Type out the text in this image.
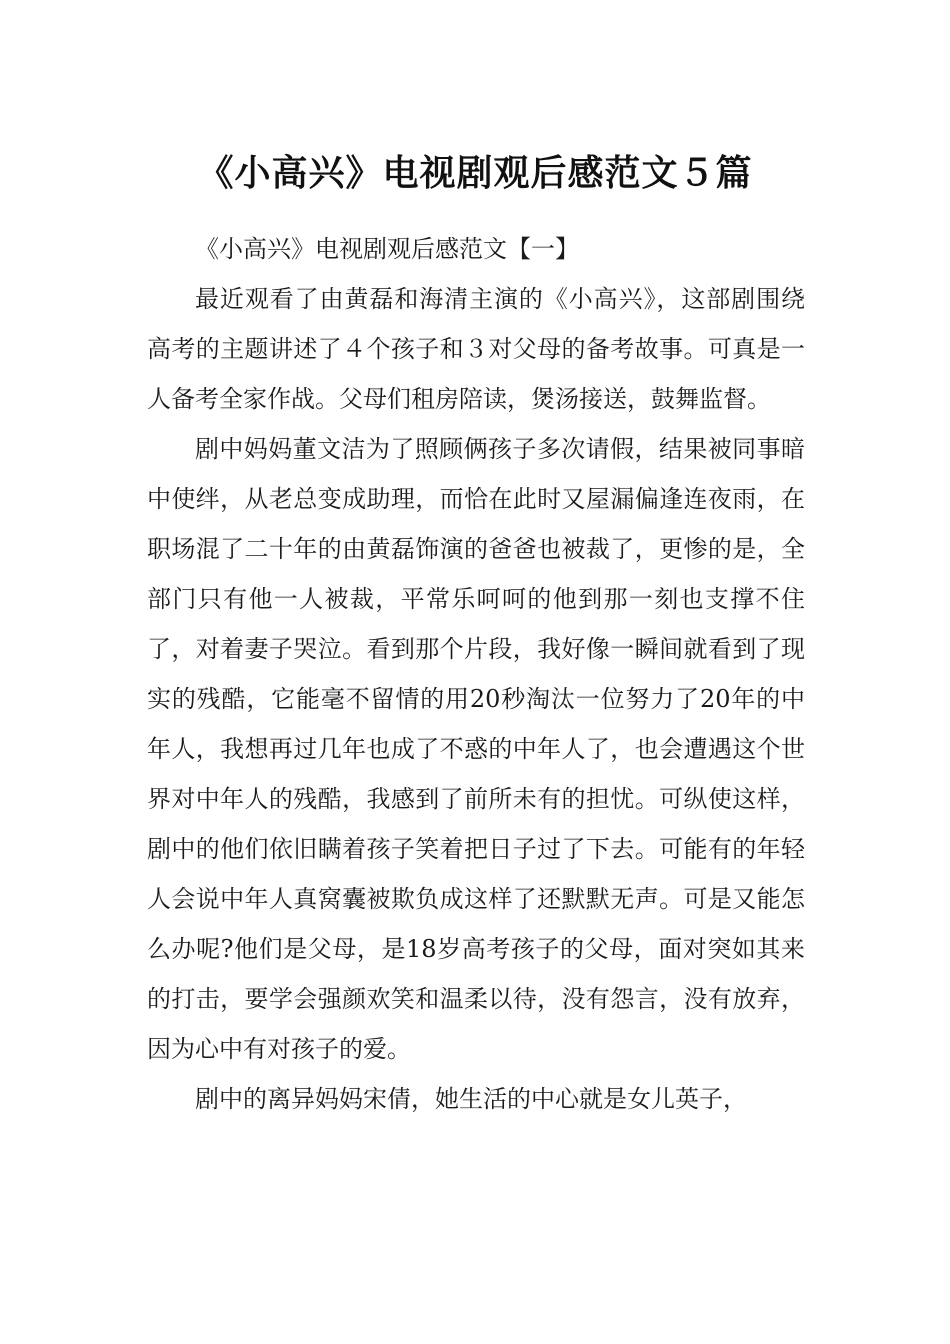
《小高兴》电视剧观后感范文５篇

《小高兴》电视剧观后感范文【一】

最近观看了由黄磊和海清主演的《小高兴》，这部剧围绕高考的主题讲述了４个孩子和３对父母的备考故事。可真是一人备考全家作战。父母们租房陪读，煲汤接送，鼓舞监督。

剧中妈妈董文洁为了照顾俩孩子多次请假，结果被同事暗中使绊，从老总变成助理，而恰在此时又屋漏偏逢连夜雨，在职场混了二十年的由黄磊饰演的爸爸也被裁了，更惨的是，全部门只有他一人被裁，平常乐呵呵的他到那一刻也支撑不住了，对着妻子哭泣。看到那个片段，我好像一瞬间就看到了现实的残酷，它能毫不留情的用20秒淘汰一位努力了20年的中年人，我想再过几年也成了不惑的中年人了，也会遭遇这个世界对中年人的残酷，我感到了前所未有的担忧。可纵使这样，剧中的他们依旧瞒着孩子笑着把日子过了下去。可能有的年轻人会说中年人真窝囊被欺负成这样了还默默无声。可是又能怎么办呢?他们是父母，是18岁高考孩子的父母，面对突如其来的打击，要学会强颜欢笑和温柔以待，没有怨言，没有放弃，因为心中有对孩子的爱。

剧中的离异妈妈宋倩，她生活的中心就是女儿英子，
